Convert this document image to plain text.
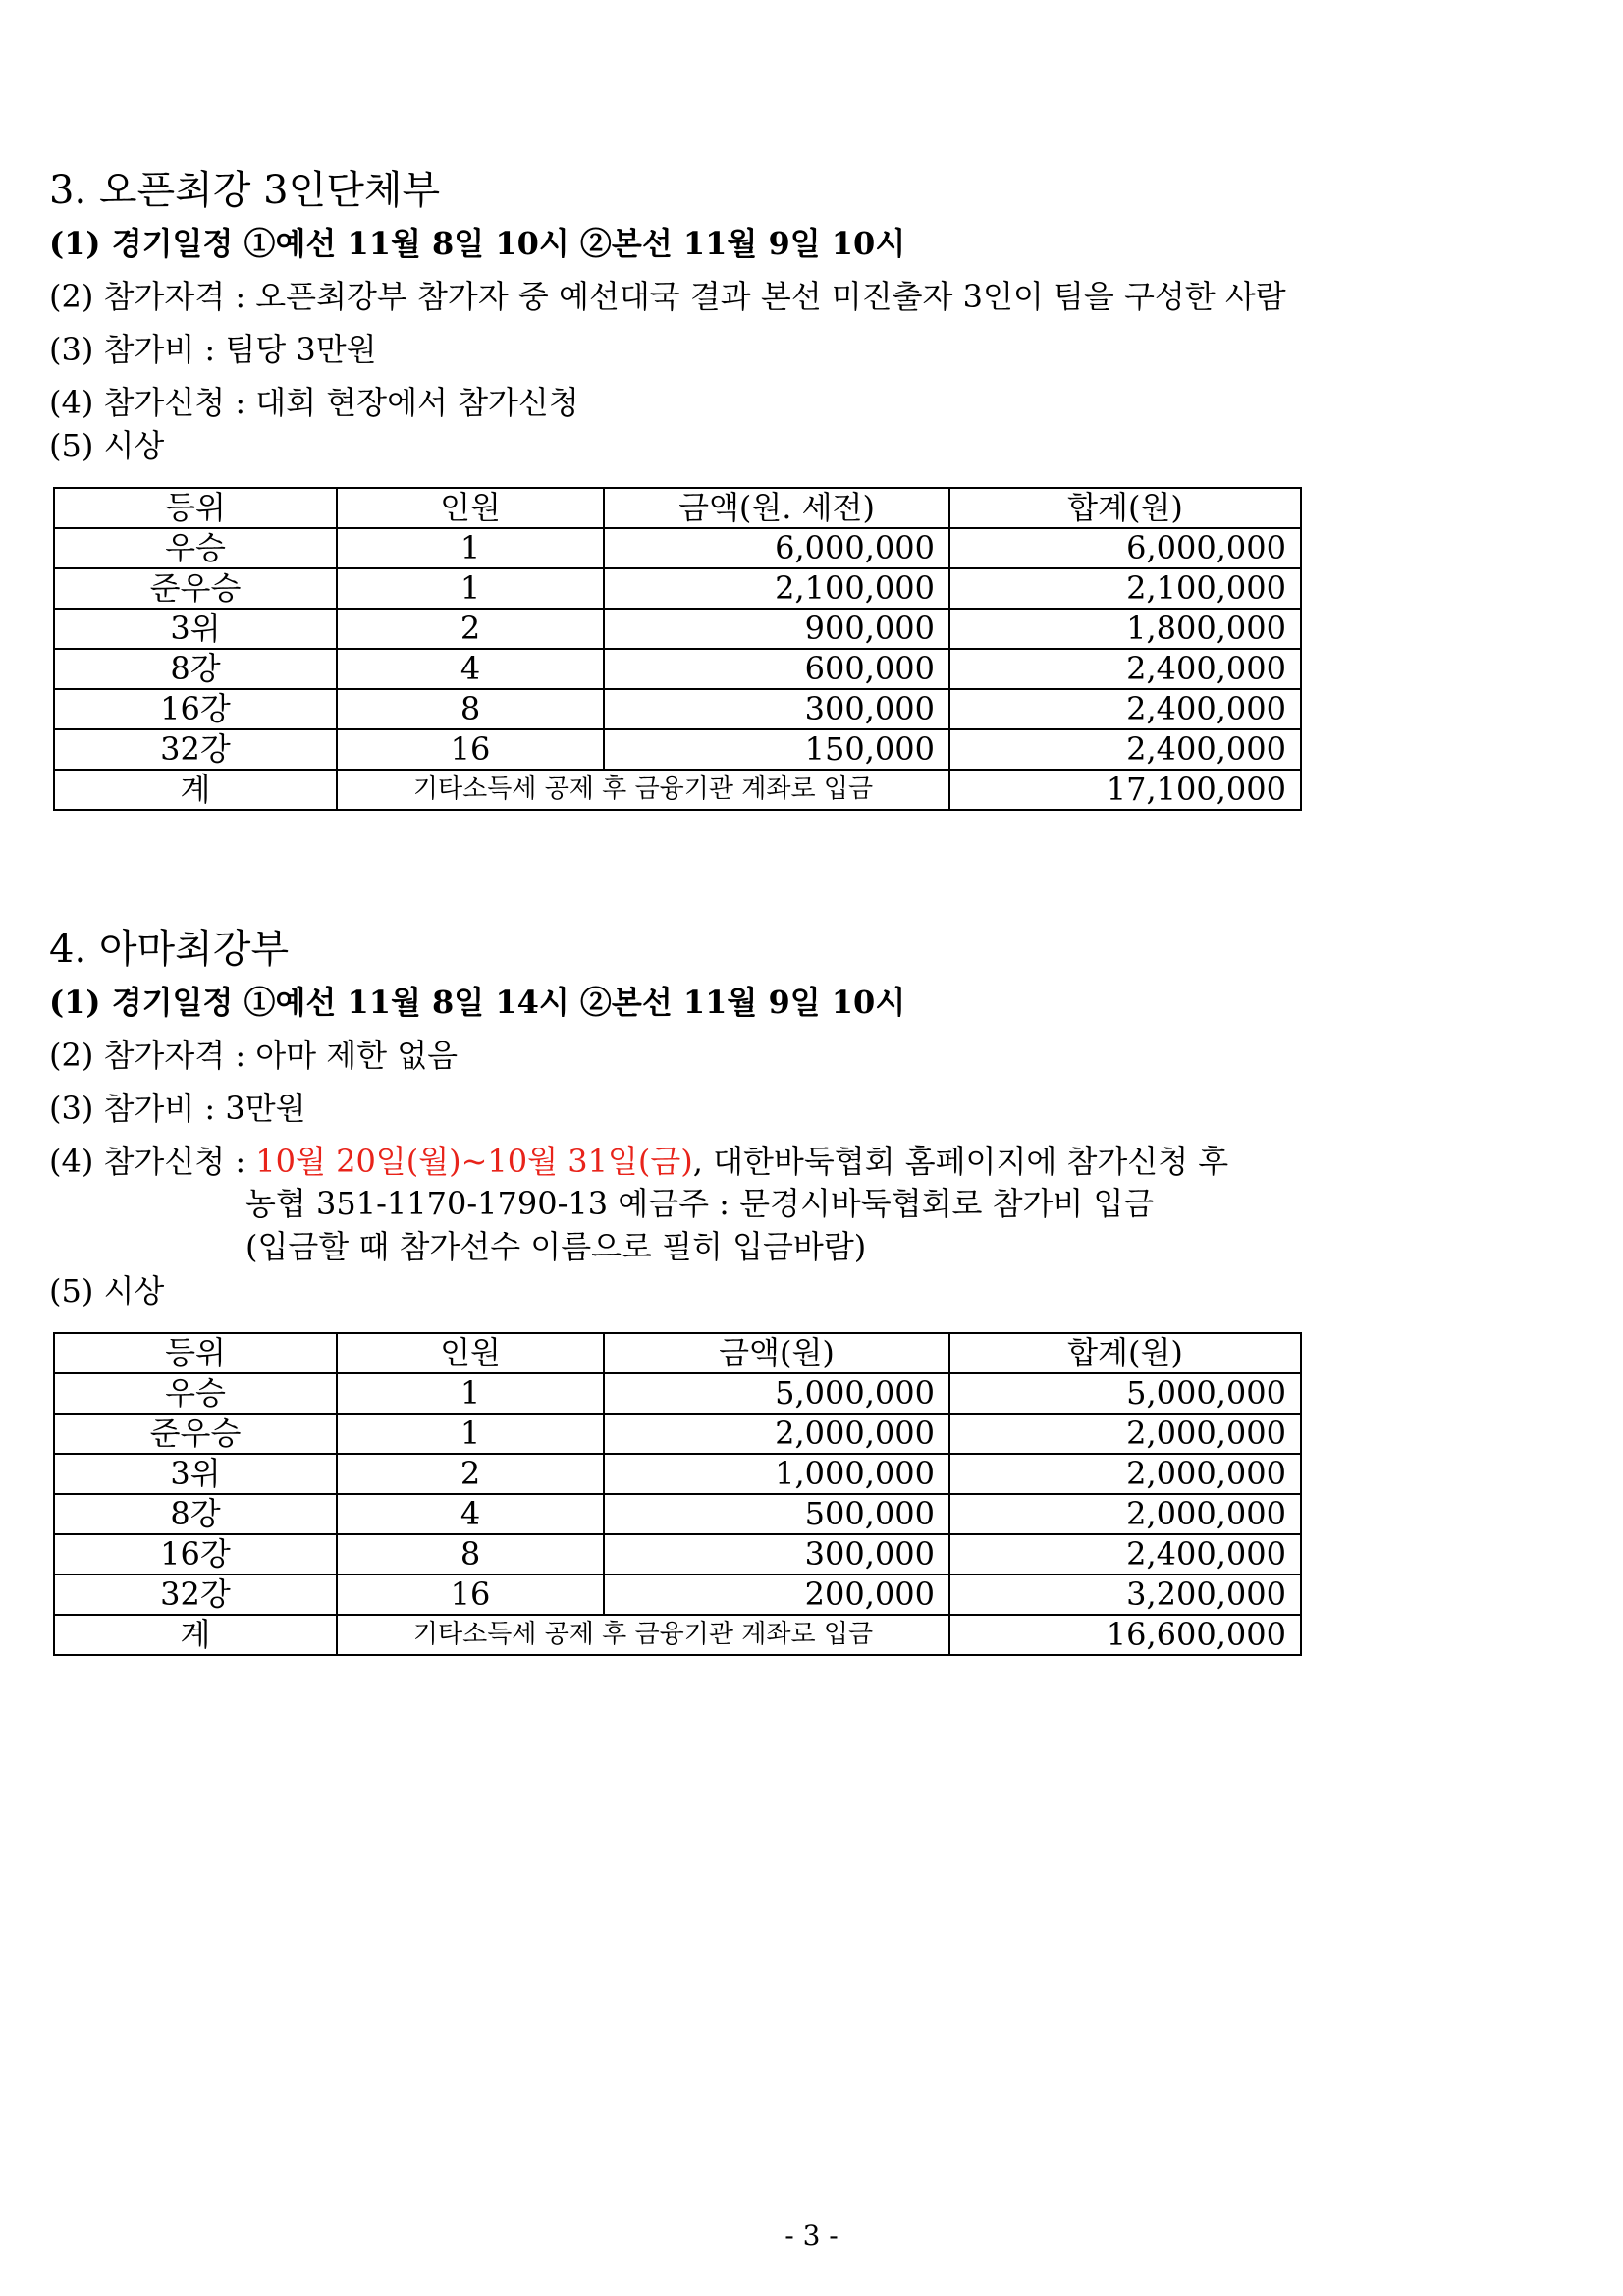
3. 오픈최강 3인단체부
(1) 경기일정 ①예선 11월 8일 10시 ②본선 11월 9일 10시
(2) 참가자격 : 오픈최강부 참가자 중 예선대국 결과 본선 미진출자 3인이 팀을 구성한 사람
(3) 참가비 : 팀당 3만원
(4) 참가신청 : 대회 현장에서 참가신청
(5) 시상
등위	인원	금액(원. 세전)	합계(원)
우승	1	6,000,000	6,000,000
준우승	1	2,100,000	2,100,000
3위	2	900,000	1,800,000
8강	4	600,000	2,400,000
16강	8	300,000	2,400,000
32강	16	150,000	2,400,000
계	기타소득세 공제 후 금융기관 계좌로 입금		17,100,000
4. 아마최강부
(1) 경기일정 ①예선 11월 8일 14시 ②본선 11월 9일 10시
(2) 참가자격 : 아마 제한 없음
(3) 참가비 : 3만원
(4) 참가신청 : 10월 20일(월)~10월 31일(금), 대한바둑협회 홈페이지에 참가신청 후
농협 351-1170-1790-13 예금주 : 문경시바둑협회로 참가비 입금
(입금할 때 참가선수 이름으로 필히 입금바람)
(5) 시상
등위	인원	금액(원)	합계(원)
우승	1	5,000,000	5,000,000
준우승	1	2,000,000	2,000,000
3위	2	1,000,000	2,000,000
8강	4	500,000	2,000,000
16강	8	300,000	2,400,000
32강	16	200,000	3,200,000
계	기타소득세 공제 후 금융기관 계좌로 입금		16,600,000
- 3 -
